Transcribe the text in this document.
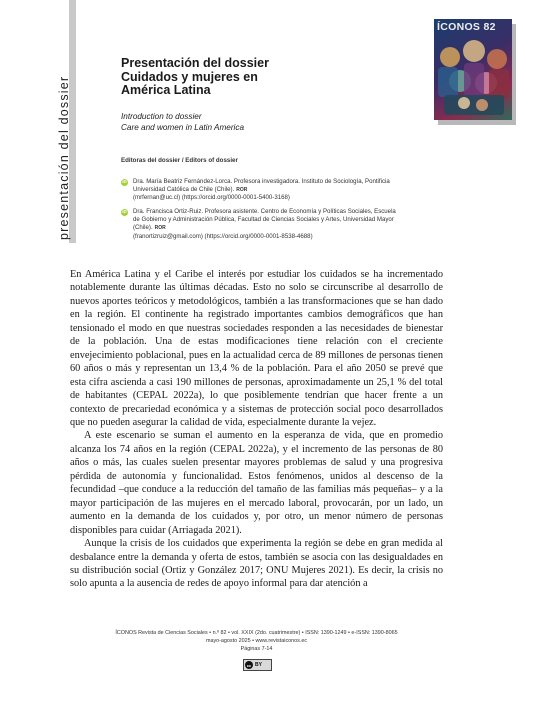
presentación del dossier
ÍCONOS 82
Presentación del dossier
Cuidados y mujeres en
América Latina
Introduction to dossier
Care and women in Latin America
Editoras del dossier / Editors of dossier
iD Dra. María Beatriz Fernández-Lorca. Profesora investigadora. Instituto de Sociología, Pontificia
Universidad Católica de Chile (Chile). ROR
(mrfernan@uc.cl) (https://orcid.org/0000-0001-5400-3168)
iD Dra. Francisca Ortiz-Ruiz. Profesora asistente. Centro de Economía y Políticas Sociales, Escuela
de Gobierno y Administración Pública, Facultad de Ciencias Sociales y Artes, Universidad Mayor
(Chile). ROR
(franortizruiz@gmail.com) (https://orcid.org/0000-0001-8538-4688)

En América Latina y el Caribe el interés por estudiar los cuidados se ha incrementado notablemente durante las últimas décadas. Esto no solo se circunscribe al desarrollo de nuevos aportes teóricos y metodológicos, también a las transformaciones que se han dado en la región. El continente ha registrado importantes cambios demográficos que han tensionado el modo en que nuestras sociedades responden a las necesidades de bienestar de la población. Una de estas modificaciones tiene relación con el creciente envejecimiento poblacional, pues en la actualidad cerca de 89 millones de personas tienen 60 años o más y representan un 13,4 % de la población. Para el año 2050 se prevé que esta cifra ascienda a casi 190 millones de personas, aproximadamente un 25,1 % del total de habitantes (CEPAL 2022a), lo que posiblemente tendrían que hacer frente a un contexto de precariedad económica y a sistemas de protección social poco desarrollados que no pueden asegurar la calidad de vida, especialmente durante la vejez.

A este escenario se suman el aumento en la esperanza de vida, que en promedio alcanza los 74 años en la región (CEPAL 2022a), y el incremento de las personas de 80 años o más, las cuales suelen presentar mayores problemas de salud y una progresiva pérdida de autonomía y funcionalidad. Estos fenómenos, unidos al descenso de la fecundidad –que conduce a la reducción del tamaño de las familias más pequeñas– y a la mayor participación de las mujeres en el mercado laboral, provocarán, por un lado, un aumento en la demanda de los cuidados y, por otro, un menor número de personas disponibles para cuidar (Arriagada 2021).

Aunque la crisis de los cuidados que experimenta la región se debe en gran medida al desbalance entre la demanda y oferta de estos, también se asocia con las desigualdades en su distribución social (Ortiz y González 2017; ONU Mujeres 2021). Es decir, la crisis no solo apunta a la ausencia de redes de apoyo informal para dar atención a

ÍCONOS Revista de Ciencias Sociales • n.º 82 • vol. XXIX (2do. cuatrimestre) • ISSN: 1390-1249 • e-ISSN: 1390-8065
mayo-agosto 2025 • www.revistaiconos.ec
Páginas 7-14
cc BY
